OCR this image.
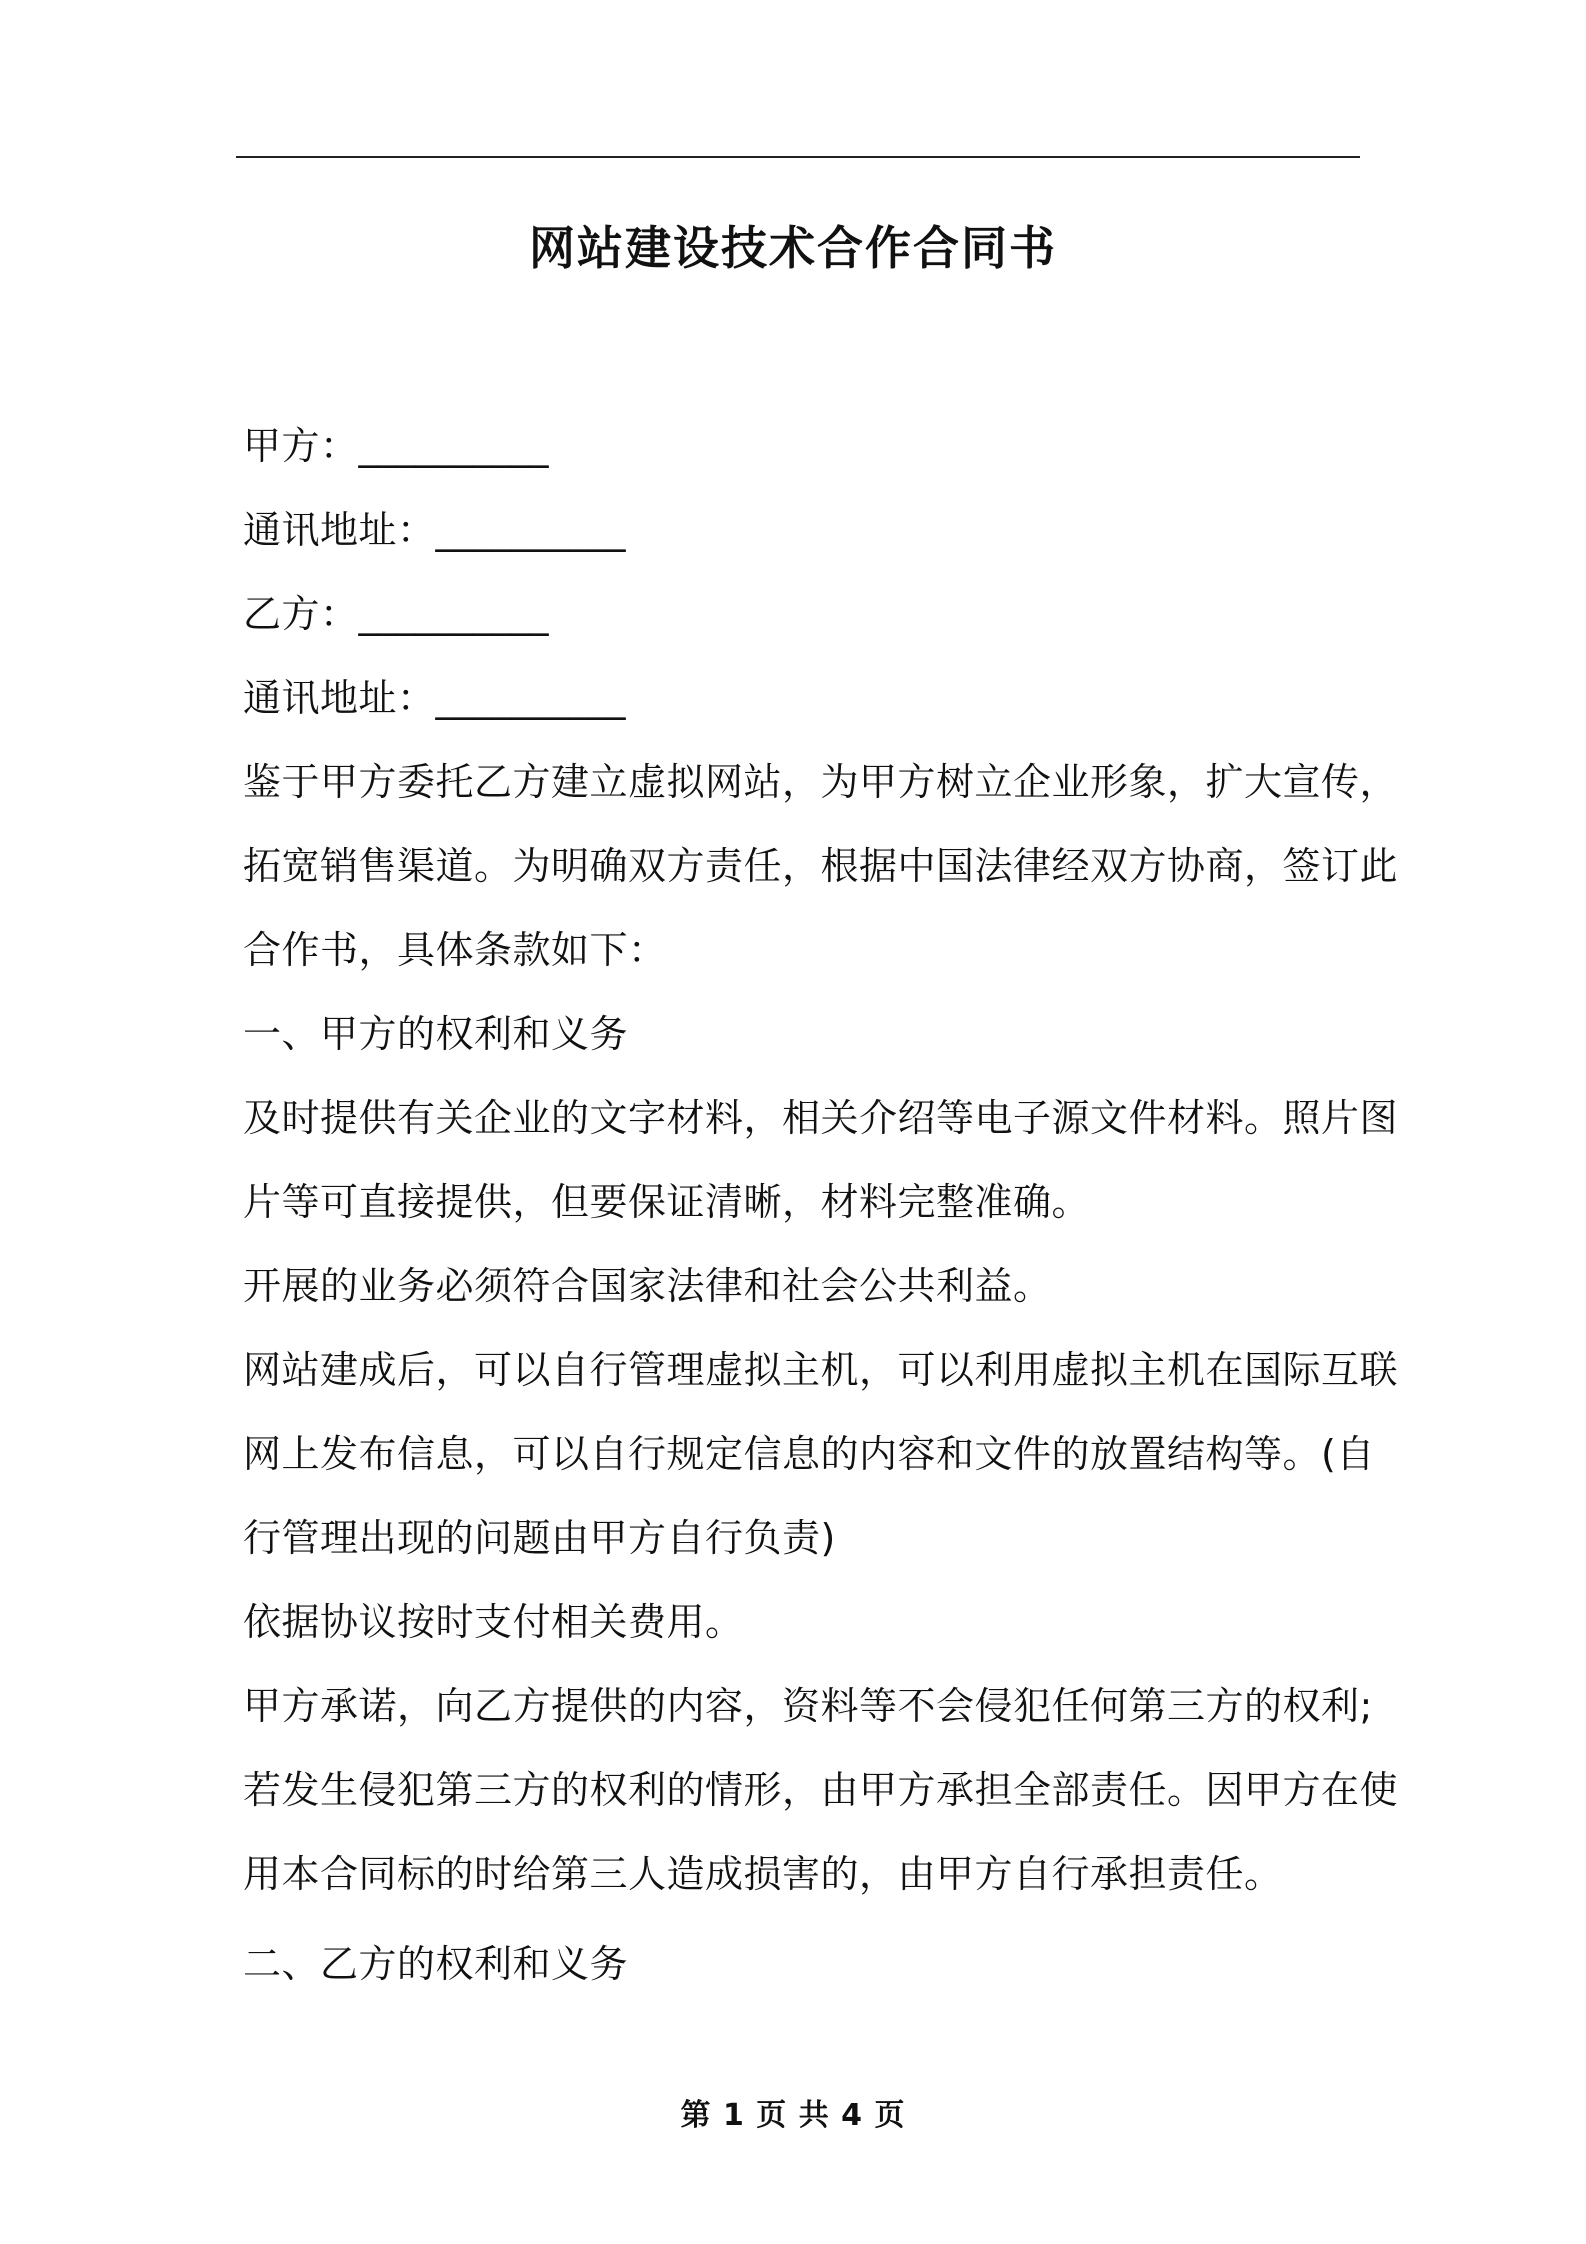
网站建设技术合作合同书
甲方： __________
通讯地址： __________
乙方： __________
通讯地址： __________
鉴于甲方委托乙方建立虚拟网站，为甲方树立企业形象，扩大宣传，
拓宽销售渠道。为明确双方责任，根据中国法律经双方协商，签订此
合作书，具体条款如下：
一、甲方的权利和义务
及时提供有关企业的文字材料，相关介绍等电子源文件材料。照片图
片等可直接提供，但要保证清晰，材料完整准确。
开展的业务必须符合国家法律和社会公共利益。
网站建成后，可以自行管理虚拟主机，可以利用虚拟主机在国际互联
网上发布信息，可以自行规定信息的内容和文件的放置结构等。(自
行管理出现的问题由甲方自行负责)
依据协议按时支付相关费用。
甲方承诺，向乙方提供的内容，资料等不会侵犯任何第三方的权利;
若发生侵犯第三方的权利的情形，由甲方承担全部责任。因甲方在使
用本合同标的时给第三人造成损害的，由甲方自行承担责任。
二、乙方的权利和义务
第 1 页 共 4 页
